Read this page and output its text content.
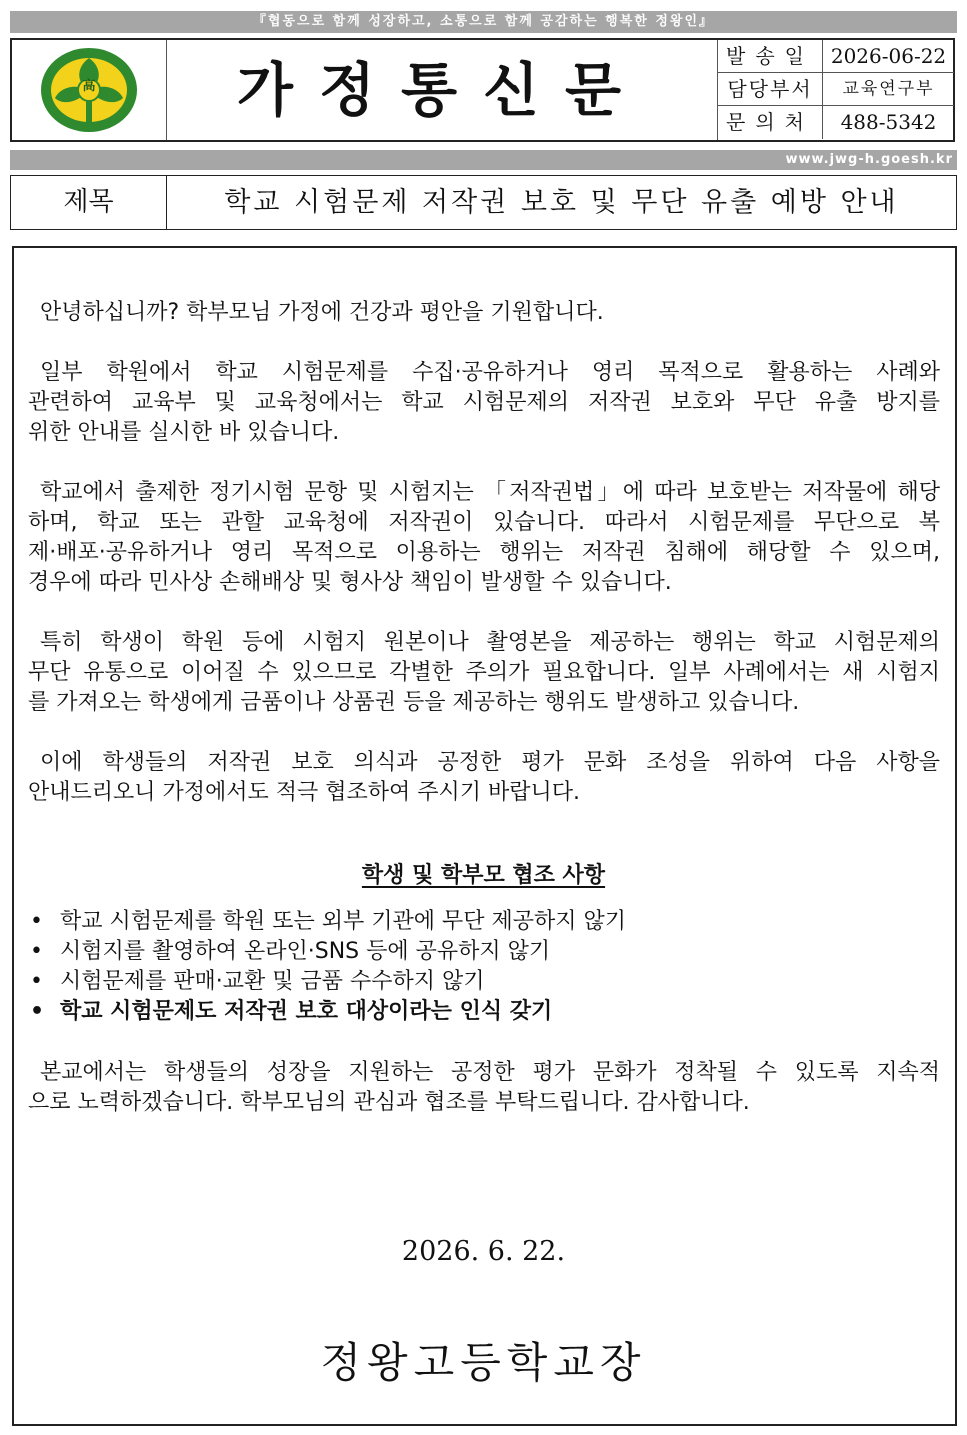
『협동으로 함께 성장하고, 소통으로 함께 공감하는 행복한 정왕인』
高	가정통신문	발송일 2026-06-22
담당부서	교육연구부
문의처	488-5342
www.jwg-h.goesh.kr
제목	학교 시험문제 저작권 보호 및 무단 유출 예방 안내
안녕하십니까? 학부모님 가정에 건강과 평안을 기원합니다.
일부 학원에서 학교 시험문제를 수집·공유하거나 영리 목적으로 활용하는 사례와
관련하여 교육부 및 교육청에서는 학교 시험문제의 저작권 보호와 무단 유출 방지를
위한 안내를 실시한 바 있습니다.
학교에서 출제한 정기시험 문항 및 시험지는 「저작권법」에 따라 보호받는 저작물에 해당
하며, 학교 또는 관할 교육청에 저작권이 있습니다. 따라서 시험문제를 무단으로 복
제·배포·공유하거나 영리 목적으로 이용하는 행위는 저작권 침해에 해당할 수 있으며,
경우에 따라 민사상 손해배상 및 형사상 책임이 발생할 수 있습니다.
특히 학생이 학원 등에 시험지 원본이나 촬영본을 제공하는 행위는 학교 시험문제의
무단 유통으로 이어질 수 있으므로 각별한 주의가 필요합니다. 일부 사례에서는 새 시험지
를 가져오는 학생에게 금품이나 상품권 등을 제공하는 행위도 발생하고 있습니다.
이에 학생들의 저작권 보호 의식과 공정한 평가 문화 조성을 위하여 다음 사항을
안내드리오니 가정에서도 적극 협조하여 주시기 바랍니다.
학생 및 학부모 협조 사항
• 학교 시험문제를 학원 또는 외부 기관에 무단 제공하지 않기
• 시험지를 촬영하여 온라인·SNS 등에 공유하지 않기
• 시험문제를 판매·교환 및 금품 수수하지 않기
• 학교 시험문제도 저작권 보호 대상이라는 인식 갖기
본교에서는 학생들의 성장을 지원하는 공정한 평가 문화가 정착될 수 있도록 지속적
으로 노력하겠습니다. 학부모님의 관심과 협조를 부탁드립니다. 감사합니다.
2026. 6. 22.
정왕고등학교장
